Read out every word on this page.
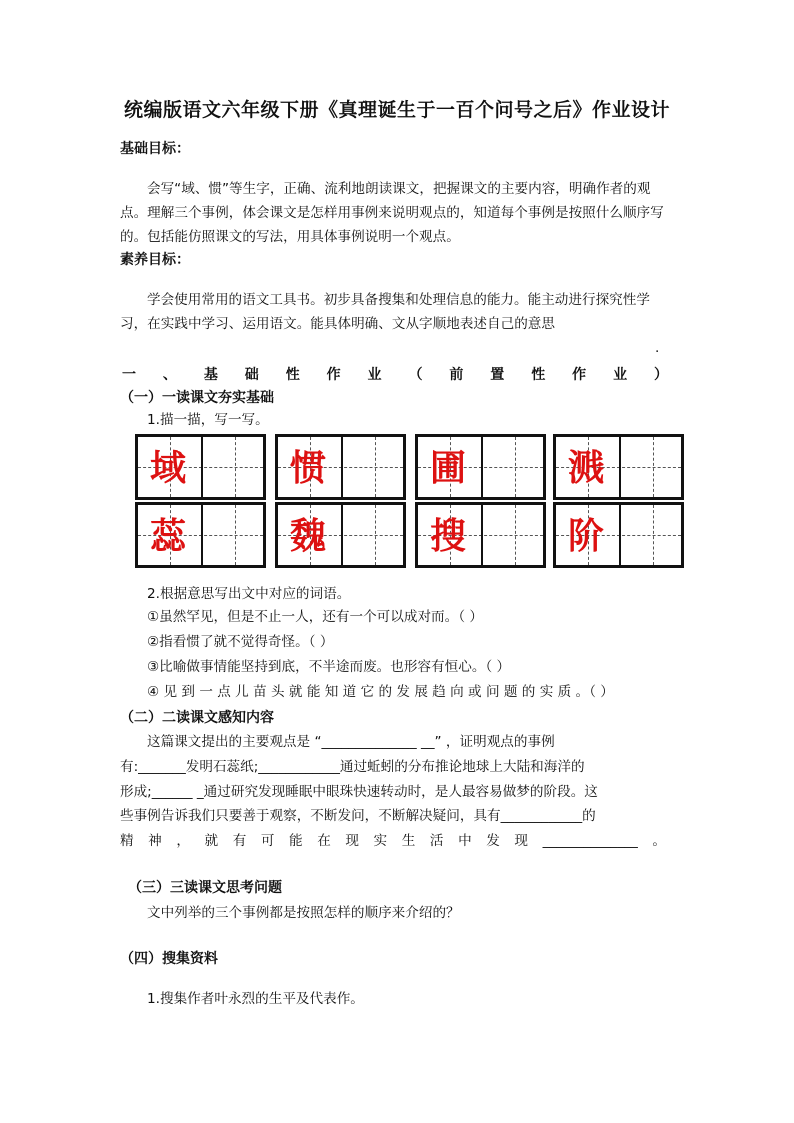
统编版语文六年级下册《真理诞生于一百个问号之后》作业设计
基础目标：
会写“域、惯”等生字，正确、流利地朗读课文，把握课文的主要内容，明确作者的观点。理解三个事例，体会课文是怎样用事例来说明观点的，知道每个事例是按照什么顺序写的。包括能仿照课文的写法，用具体事例说明一个观点。
素养目标：
学会使用常用的语文工具书。初步具备搜集和处理信息的能力。能主动进行探究性学习，在实践中学习、运用语文。能具体明确、文从字顺地表述自己的意思
.
一 、 基 础 性 作 业 （ 前 置 性 作 业 ）
（一）一读课文夯实基础
1.描一描，写一写。
域	惯	圃	溅
蕊	魏	搜	阶
2.根据意思写出文中对应的词语。
①虽然罕见，但是不止一人，还有一个可以成对而。（ ）
②指看惯了就不觉得奇怪。（ ）
③比喻做事情能坚持到底，不半途而废。也形容有恒心。（ ）
④ 见 到 一 点 儿 苗 头 就 能 知 道 它 的 发 展 趋 向 或 问 题 的 实 质 。（ ）
（二）二读课文感知内容
这篇课文提出的主要观点是 “______________ __” ，证明观点的事例
有:_______发明石蕊纸;____________通过蚯蚓的分布推论地球上大陆和海洋的
形成;______ _通过研究发现睡眠中眼珠快速转动时，是人最容易做梦的阶段。这
些事例告诉我们只要善于观察，不断发问，不断解决疑问，具有____________的
精 神 ， 就 有 可 能 在 现 实 生 活 中 发 现 ______________ 。
（三）三读课文思考问题
文中列举的三个事例都是按照怎样的顺序来介绍的？
（四）搜集资料
1.搜集作者叶永烈的生平及代表作。
